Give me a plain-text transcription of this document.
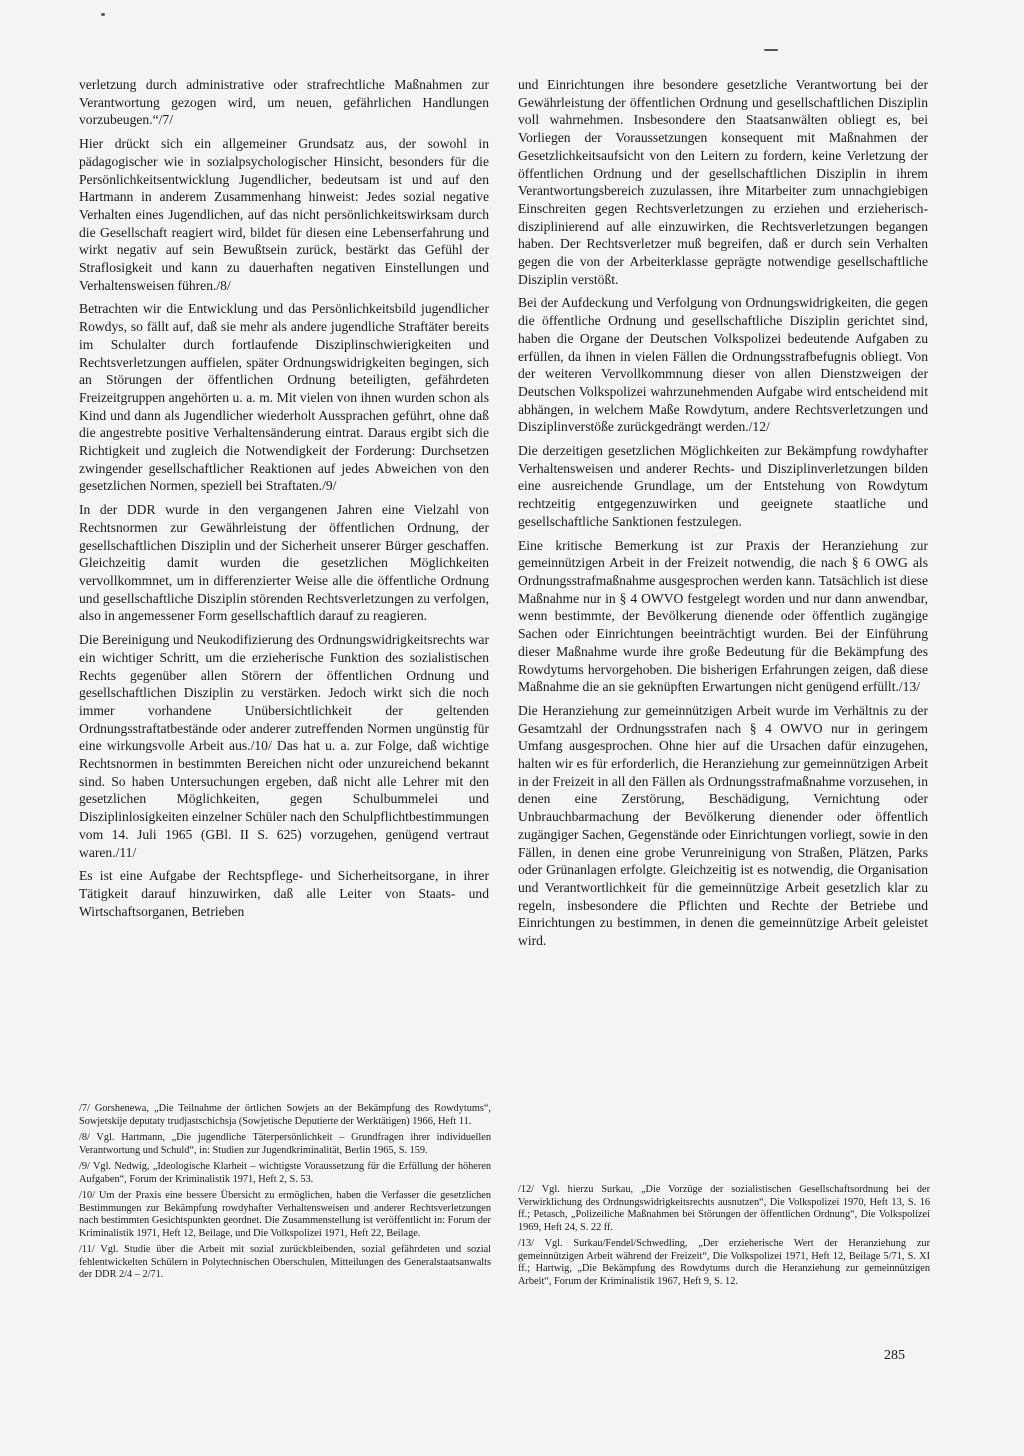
verletzung durch administrative oder strafrechtliche Maßnahmen zur Verantwortung gezogen wird, um neuen, gefährlichen Handlungen vorzubeugen.“/7/

Hier drückt sich ein allgemeiner Grundsatz aus, der sowohl in pädagogischer wie in sozialpsychologischer Hinsicht, besonders für die Persönlichkeitsentwicklung Jugendlicher, bedeutsam ist und auf den Hartmann in anderem Zusammenhang hinweist: Jedes sozial negative Verhalten eines Jugendlichen, auf das nicht persönlichkeitswirksam durch die Gesellschaft reagiert wird, bildet für diesen eine Lebenserfahrung und wirkt negativ auf sein Bewußtsein zurück, bestärkt das Gefühl der Straflosigkeit und kann zu dauerhaften negativen Einstellungen und Verhaltensweisen führen./8/

Betrachten wir die Entwicklung und das Persönlichkeitsbild jugendlicher Rowdys, so fällt auf, daß sie mehr als andere jugendliche Straftäter bereits im Schulalter durch fortlaufende Disziplinschwierigkeiten und Rechtsverletzungen auffielen, später Ordnungswidrigkeiten begingen, sich an Störungen der öffentlichen Ordnung beteiligten, gefährdeten Freizeitgruppen angehörten u. a. m. Mit vielen von ihnen wurden schon als Kind und dann als Jugendlicher wiederholt Aussprachen geführt, ohne daß die angestrebte positive Verhaltensänderung eintrat. Daraus ergibt sich die Richtigkeit und zugleich die Notwendigkeit der Forderung: Durchsetzen zwingender gesellschaftlicher Reaktionen auf jedes Abweichen von den gesetzlichen Normen, speziell bei Straftaten./9/

In der DDR wurde in den vergangenen Jahren eine Vielzahl von Rechtsnormen zur Gewährleistung der öffentlichen Ordnung, der gesellschaftlichen Disziplin und der Sicherheit unserer Bürger geschaffen. Gleichzeitig damit wurden die gesetzlichen Möglichkeiten vervollkommnet, um in differenzierter Weise alle die öffentliche Ordnung und gesellschaftliche Disziplin störenden Rechtsverletzungen zu verfolgen, also in angemessener Form gesellschaftlich darauf zu reagieren.

Die Bereinigung und Neukodifizierung des Ordnungswidrigkeitsrechts war ein wichtiger Schritt, um die erzieherische Funktion des sozialistischen Rechts gegenüber allen Störern der öffentlichen Ordnung und gesellschaftlichen Disziplin zu verstärken. Jedoch wirkt sich die noch immer vorhandene Unübersichtlichkeit der geltenden Ordnungsstraftatbestände oder anderer zutreffenden Normen ungünstig für eine wirkungsvolle Arbeit aus./10/ Das hat u. a. zur Folge, daß wichtige Rechtsnormen in bestimmten Bereichen nicht oder unzureichend bekannt sind. So haben Untersuchungen ergeben, daß nicht alle Lehrer mit den gesetzlichen Möglichkeiten, gegen Schulbummelei und Disziplinlosigkeiten einzelner Schüler nach den Schulpflichtbestimmungen vom 14. Juli 1965 (GBl. II S. 625) vorzugehen, genügend vertraut waren./11/

Es ist eine Aufgabe der Rechtspflege- und Sicherheitsorgane, in ihrer Tätigkeit darauf hinzuwirken, daß alle Leiter von Staats- und Wirtschaftsorganen, Betrieben

und Einrichtungen ihre besondere gesetzliche Verantwortung bei der Gewährleistung der öffentlichen Ordnung und gesellschaftlichen Disziplin voll wahrnehmen. Insbesondere den Staatsanwälten obliegt es, bei Vorliegen der Voraussetzungen konsequent mit Maßnahmen der Gesetzlichkeitsaufsicht von den Leitern zu fordern, keine Verletzung der öffentlichen Ordnung und der gesellschaftlichen Disziplin in ihrem Verantwortungsbereich zuzulassen, ihre Mitarbeiter zum unnachgiebigen Einschreiten gegen Rechtsverletzungen zu erziehen und erzieherisch-disziplinierend auf alle einzuwirken, die Rechtsverletzungen begangen haben. Der Rechtsverletzer muß begreifen, daß er durch sein Verhalten gegen die von der Arbeiterklasse geprägte notwendige gesellschaftliche Disziplin verstößt.

Bei der Aufdeckung und Verfolgung von Ordnungswidrigkeiten, die gegen die öffentliche Ordnung und gesellschaftliche Disziplin gerichtet sind, haben die Organe der Deutschen Volkspolizei bedeutende Aufgaben zu erfüllen, da ihnen in vielen Fällen die Ordnungsstrafbefugnis obliegt. Von der weiteren Vervollkommnung dieser von allen Dienstzweigen der Deutschen Volkspolizei wahrzunehmenden Aufgabe wird entscheidend mit abhängen, in welchem Maße Rowdytum, andere Rechtsverletzungen und Disziplinverstöße zurückgedrängt werden./12/

Die derzeitigen gesetzlichen Möglichkeiten zur Bekämpfung rowdyhafter Verhaltensweisen und anderer Rechts- und Disziplinverletzungen bilden eine ausreichende Grundlage, um der Entstehung von Rowdytum rechtzeitig entgegenzuwirken und geeignete staatliche und gesellschaftliche Sanktionen festzulegen.

Eine kritische Bemerkung ist zur Praxis der Heranziehung zur gemeinnützigen Arbeit in der Freizeit notwendig, die nach § 6 OWG als Ordnungsstrafmaßnahme ausgesprochen werden kann. Tatsächlich ist diese Maßnahme nur in § 4 OWVO festgelegt worden und nur dann anwendbar, wenn bestimmte, der Bevölkerung dienende oder öffentlich zugängige Sachen oder Einrichtungen beeinträchtigt wurden. Bei der Einführung dieser Maßnahme wurde ihre große Bedeutung für die Bekämpfung des Rowdytums hervorgehoben. Die bisherigen Erfahrungen zeigen, daß diese Maßnahme die an sie geknüpften Erwartungen nicht genügend erfüllt./13/

Die Heranziehung zur gemeinnützigen Arbeit wurde im Verhältnis zu der Gesamtzahl der Ordnungsstrafen nach § 4 OWVO nur in geringem Umfang ausgesprochen. Ohne hier auf die Ursachen dafür einzugehen, halten wir es für erforderlich, die Heranziehung zur gemeinnützigen Arbeit in der Freizeit in all den Fällen als Ordnungsstrafmaßnahme vorzusehen, in denen eine Zerstörung, Beschädigung, Vernichtung oder Unbrauchbarmachung der Bevölkerung dienender oder öffentlich zugängiger Sachen, Gegenstände oder Einrichtungen vorliegt, sowie in den Fällen, in denen eine grobe Verunreinigung von Straßen, Plätzen, Parks oder Grünanlagen erfolgte. Gleichzeitig ist es notwendig, die Organisation und Verantwortlichkeit für die gemeinnützige Arbeit gesetzlich klar zu regeln, insbesondere die Pflichten und Rechte der Betriebe und Einrichtungen zu bestimmen, in denen die gemeinnützige Arbeit geleistet wird.

/7/ Gorshenewa, „Die Teilnahme der örtlichen Sowjets an der Bekämpfung des Rowdytums“, Sowjetskije deputaty trudjastschichsja (Sowjetische Deputierte der Werktätigen) 1966, Heft 11.

/8/ Vgl. Hartmann, „Die jugendliche Täterpersönlichkeit – Grundfragen ihrer individuellen Verantwortung und Schuld“, in: Studien zur Jugendkriminalität, Berlin 1965, S. 159.

/9/ Vgl. Nedwig, „Ideologische Klarheit – wichtigste Voraussetzung für die Erfüllung der höheren Aufgaben“, Forum der Kriminalistik 1971, Heft 2, S. 53.

/10/ Um der Praxis eine bessere Übersicht zu ermöglichen, haben die Verfasser die gesetzlichen Bestimmungen zur Bekämpfung rowdyhafter Verhaltensweisen und anderer Rechtsverletzungen nach bestimmten Gesichtspunkten geordnet. Die Zusammenstellung ist veröffentlicht in: Forum der Kriminalistik 1971, Heft 12, Beilage, und Die Volkspolizei 1971, Heft 22, Beilage.

/11/ Vgl. Studie über die Arbeit mit sozial zurückbleibenden, sozial gefährdeten und sozial fehlentwickelten Schülern in Polytechnischen Oberschulen, Mitteilungen des Generalstaatsanwalts der DDR 2/4 – 2/71.

/12/ Vgl. hierzu Surkau, „Die Vorzüge der sozialistischen Gesellschaftsordnung bei der Verwirklichung des Ordnungswidrigkeitsrechts ausnutzen“, Die Volkspolizei 1970, Heft 13, S. 16 ff.; Petasch, „Polizeiliche Maßnahmen bei Störungen der öffentlichen Ordnung“, Die Volkspolizei 1969, Heft 24, S. 22 ff.

/13/ Vgl. Surkau/Fendel/Schwedling, „Der erzieherische Wert der Heranziehung zur gemeinnützigen Arbeit während der Freizeit“, Die Volkspolizei 1971, Heft 12, Beilage 5/71, S. XI ff.; Hartwig, „Die Bekämpfung des Rowdytums durch die Heranziehung zur gemeinnützigen Arbeit“, Forum der Kriminalistik 1967, Heft 9, S. 12.

285
